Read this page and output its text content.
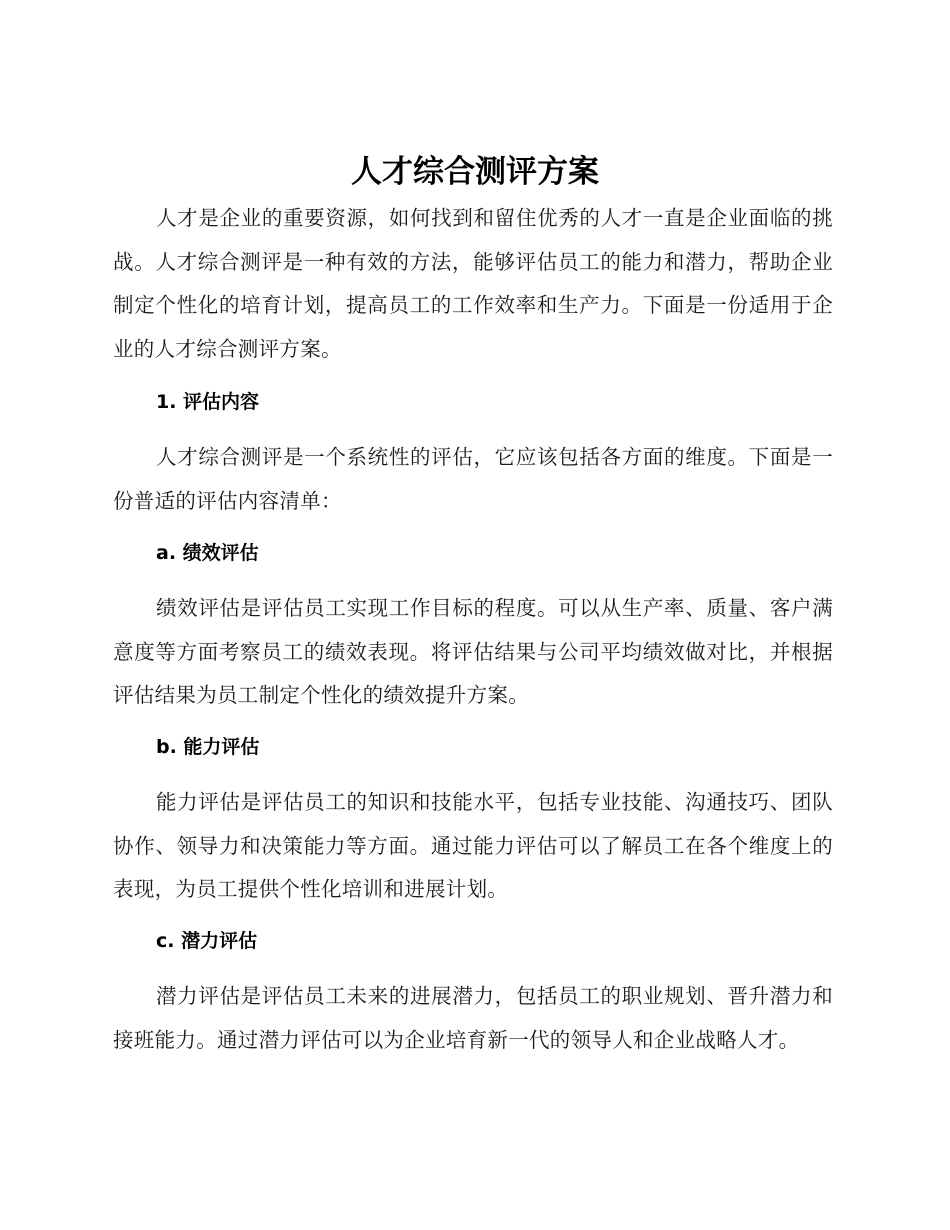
人才综合测评方案

人才是企业的重要资源，如何找到和留住优秀的人才一直是企业面临的挑战。人才综合测评是一种有效的方法，能够评估员工的能力和潜力，帮助企业制定个性化的培育计划，提高员工的工作效率和生产力。下面是一份适用于企业的人才综合测评方案。

1. 评估内容

人才综合测评是一个系统性的评估，它应该包括各方面的维度。下面是一份普适的评估内容清单：

a. 绩效评估

绩效评估是评估员工实现工作目标的程度。可以从生产率、质量、客户满意度等方面考察员工的绩效表现。将评估结果与公司平均绩效做对比，并根据评估结果为员工制定个性化的绩效提升方案。

b. 能力评估

能力评估是评估员工的知识和技能水平，包括专业技能、沟通技巧、团队协作、领导力和决策能力等方面。通过能力评估可以了解员工在各个维度上的表现，为员工提供个性化培训和进展计划。

c. 潜力评估

潜力评估是评估员工未来的进展潜力，包括员工的职业规划、晋升潜力和接班能力。通过潜力评估可以为企业培育新一代的领导人和企业战略人才。
